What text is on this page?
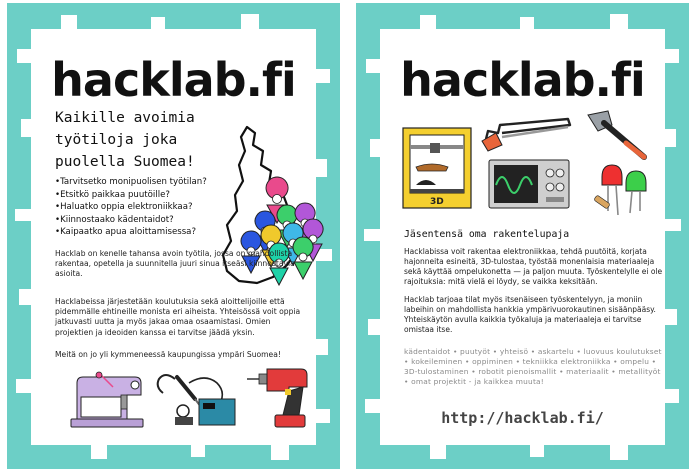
hacklab.fi
Kaikille avoimia työtiloja joka puolella Suomea!
• Tarvitsetko monipuolisen työtilan?
• Etsitkö paikkaa puutöille?
• Haluatko oppia elektroniikkaa?
• Kiinnostaako kädentaidot?
• Kaipaatko apua aloittamisessa?
Hacklab on kenelle tahansa avoin työtila, jossa on mahdollista rakentaa, opetella ja suunnitella juuri sinua itseäsi kiinnostavia asioita.
Hacklabeissa järjestetään koulutuksia sekä aloittelijoille että pidemmälle ehtineille monista eri aiheista. Yhteisössä voit oppia jatkuvasti uutta ja myös jakaa omaa osaamistasi. Omien projektien ja ideoiden kanssa ei tarvitse jäädä yksin.
Meitä on jo yli kymmeneessä kaupungissa ympäri Suomea!
hacklab.fi
3D
Jäsentensä oma rakentelupaja
Hacklabissa voit rakentaa elektroniikkaa, tehdä puutöitä, korjata hajonneita esineitä, 3D-tulostaa, työstää monenlaisia materiaaleja sekä käyttää ompelukonetta — ja paljon muuta. Työskentelylle ei ole rajoituksia: mitä vielä ei löydy, se vaikka keksitään.
Hacklab tarjoaa tilat myös itsenäiseen työskentelyyn, ja moniin labeihin on mahdollista hankkia ympärivuorokautinen sisäänpääsy. Yhteiskäytön avulla kaikkia työkaluja ja materiaaleja ei tarvitse omistaa itse.
kädentaidot • puutyöt • yhteisö • askartelu • luovuus koulutukset • kokeileminen • oppiminen • tekniikka elektroniikka • ompelu • 3D-tulostaminen • robotit pienoismallit • materiaalit • metallityöt • omat projektit - ja kaikkea muuta!
http://hacklab.fi/
